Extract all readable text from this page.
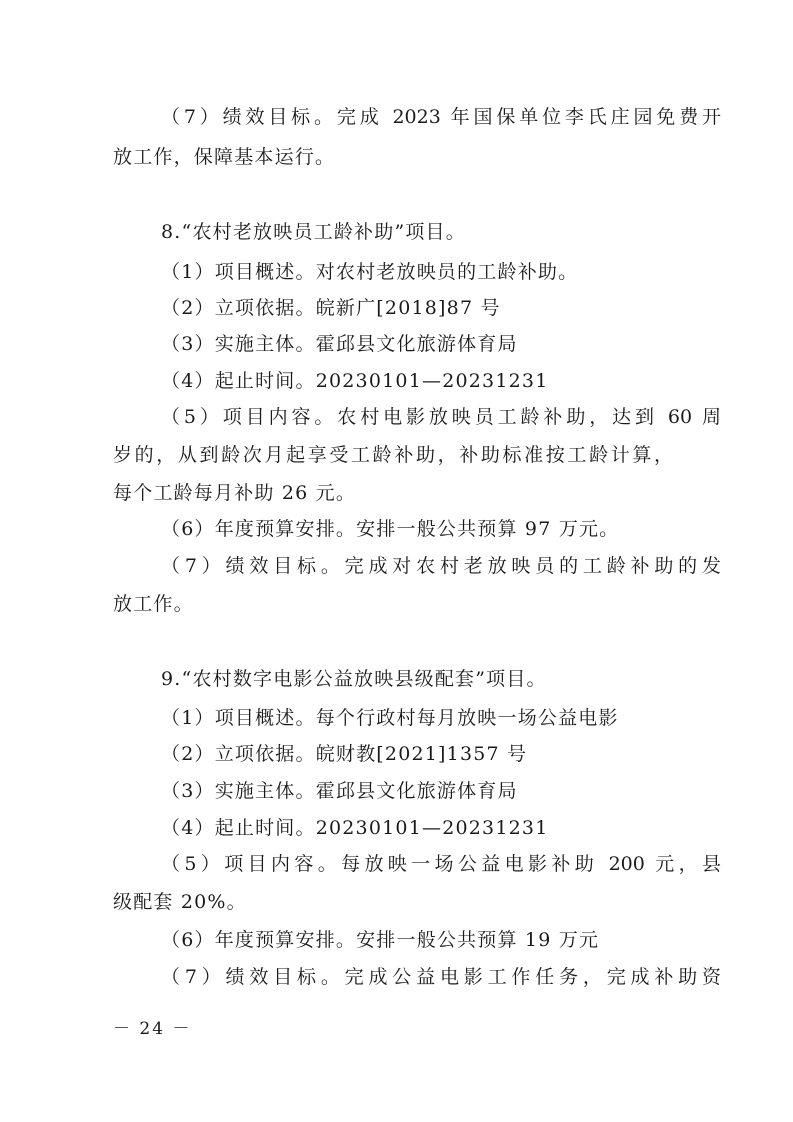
（7）绩效目标。完成 2023 年国保单位李氏庄园免费开
放工作，保障基本运行。
8.“农村老放映员工龄补助”项目。
（1）项目概述。对农村老放映员的工龄补助。
（2）立项依据。皖新广[2018]87 号
（3）实施主体。霍邱县文化旅游体育局
（4）起止时间。20230101—20231231
（5）项目内容。农村电影放映员工龄补助，达到 60 周
岁的，从到龄次月起享受工龄补助，补助标准按工龄计算，
每个工龄每月补助 26 元。
（6）年度预算安排。安排一般公共预算 97 万元。
（7）绩效目标。完成对农村老放映员的工龄补助的发
放工作。
9.“农村数字电影公益放映县级配套”项目。
（1）项目概述。每个行政村每月放映一场公益电影
（2）立项依据。皖财教[2021]1357 号
（3）实施主体。霍邱县文化旅游体育局
（4）起止时间。20230101—20231231
（5）项目内容。每放映一场公益电影补助 200 元，县
级配套 20%。
（6）年度预算安排。安排一般公共预算 19 万元
（7）绩效目标。完成公益电影工作任务，完成补助资
－ 24 －
